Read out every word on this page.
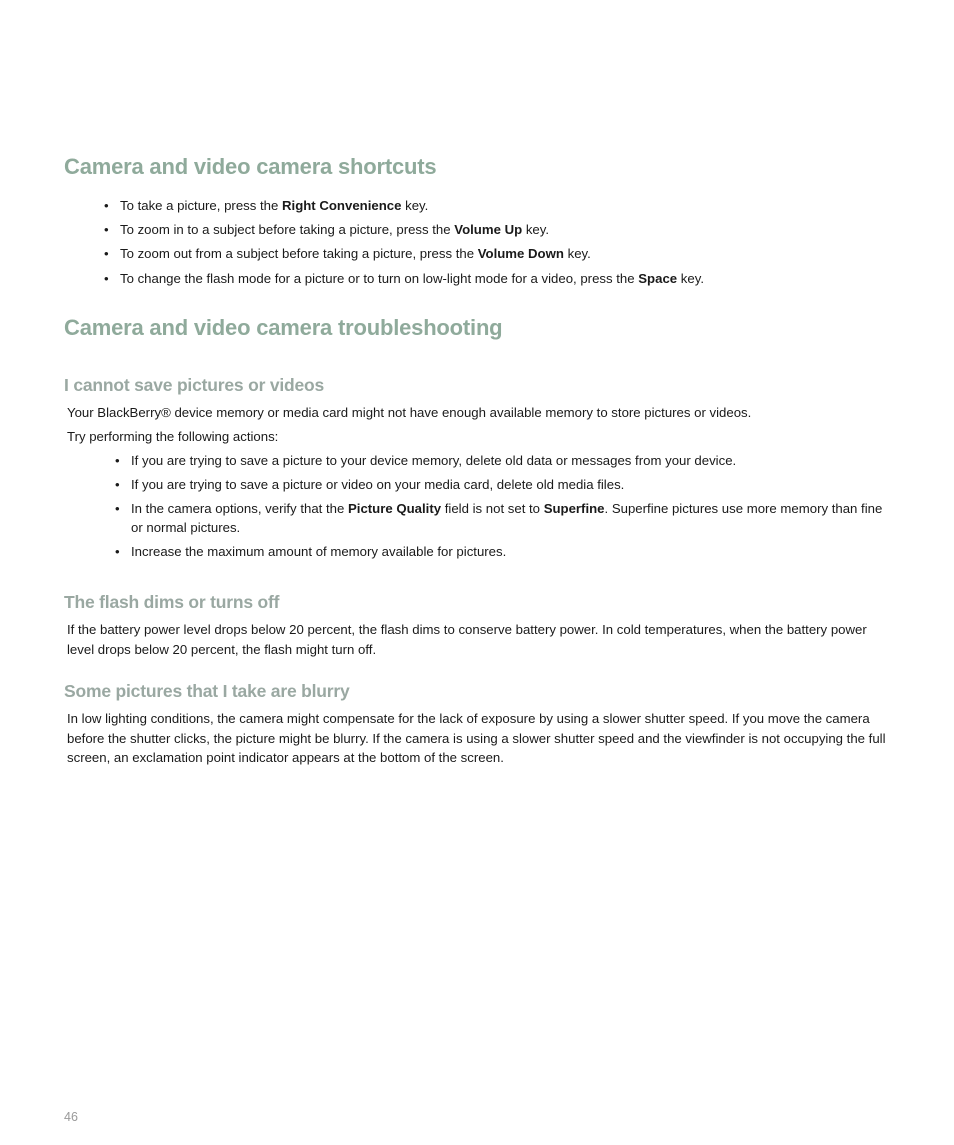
Camera and video camera shortcuts
• To take a picture, press the Right Convenience key.
• To zoom in to a subject before taking a picture, press the Volume Up key.
• To zoom out from a subject before taking a picture, press the Volume Down key.
• To change the flash mode for a picture or to turn on low-light mode for a video, press the Space key.
Camera and video camera troubleshooting
I cannot save pictures or videos

Your BlackBerry® device memory or media card might not have enough available memory to store pictures or videos.

Try performing the following actions:

• If you are trying to save a picture to your device memory, delete old data or messages from your device.
• If you are trying to save a picture or video on your media card, delete old media files.
• In the camera options, verify that the Picture Quality field is not set to Superfine. Superfine pictures use more memory than fine or normal pictures.
• Increase the maximum amount of memory available for pictures.
The flash dims or turns off

If the battery power level drops below 20 percent, the flash dims to conserve battery power. In cold temperatures, when the battery power level drops below 20 percent, the flash might turn off.

Some pictures that I take are blurry

In low lighting conditions, the camera might compensate for the lack of exposure by using a slower shutter speed. If you move the camera before the shutter clicks, the picture might be blurry. If the camera is using a slower shutter speed and the viewfinder is not occupying the full screen, an exclamation point indicator appears at the bottom of the screen.

46
